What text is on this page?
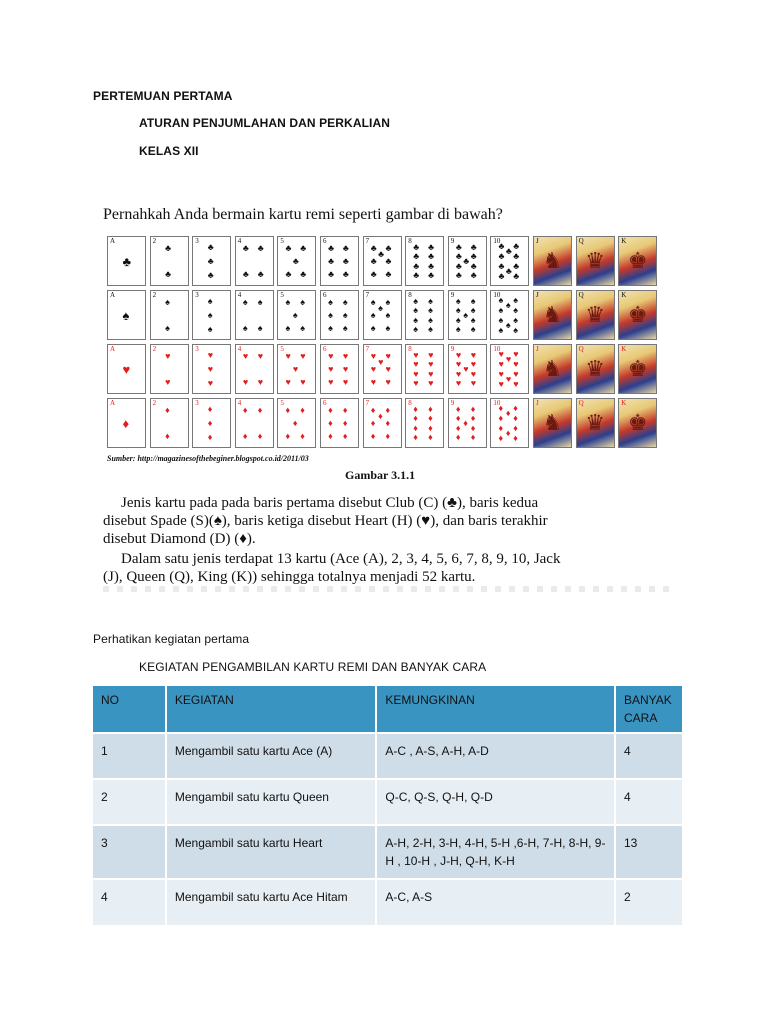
PERTEMUAN PERTAMA
ATURAN PENJUMLAHAN DAN PERKALIAN
KELAS XII
Pernahkah Anda bermain kartu remi seperti gambar di bawah?
♣
A
♣
♣
2
♣
♣
♣
3
♣ ♣
♣ ♣
4
♣ ♣
♣
♣ ♣
5
♣ ♣
♣ ♣
♣ ♣
6
♣ ♣
♣
♣ ♣
♣ ♣
7
♣ ♣
♣ ♣
♣ ♣
♣ ♣
8
♣ ♣
♣ ♣
♣
♣ ♣
♣ ♣
9	♣ ♣
♣
♣ ♣
♣ ♣
♣
♣ ♣
10
♞
J
♛
Q
♚
K
♠
A
♠
♠
2
♠
♠
♠
3
♠ ♠
♠ ♠
4
♠ ♠
♠
♠ ♠
5
♠ ♠
♠ ♠
♠ ♠
6
♠ ♠
♠
♠ ♠
♠ ♠
7
♠ ♠
♠ ♠
♠ ♠
♠ ♠
8
♠ ♠
♠ ♠
♠
♠ ♠
♠ ♠
9	♠ ♠
♠
♠ ♠
♠ ♠
♠
♠ ♠
10
♞
J
♛
Q
♚
K
♥
A
♥
♥
2
♥
♥
♥
3
♥ ♥
♥ ♥
4
♥ ♥
♥
♥ ♥
5
♥ ♥
♥ ♥
♥ ♥
6
♥ ♥
♥
♥ ♥
♥ ♥
7
♥ ♥
♥ ♥
♥ ♥
♥ ♥
8
♥ ♥
♥ ♥
♥
♥ ♥
♥ ♥
9	♥ ♥
♥
♥ ♥
♥ ♥
♥
♥ ♥
10
♞
J
♛
Q
♚
K
♦
A
♦
♦
2
♦
♦
♦
3
♦ ♦
♦ ♦
4
♦ ♦
♦
♦ ♦
5
♦ ♦
♦ ♦
♦ ♦
6
♦ ♦
♦
♦ ♦
♦ ♦
7
♦ ♦
♦ ♦
♦ ♦
♦ ♦
8
♦ ♦
♦ ♦
♦
♦ ♦
♦ ♦
9	♦ ♦
♦
♦ ♦
♦ ♦
♦
♦ ♦
10
♞
J
♛
Q
♚
K
Sumber: http://magazinesofthebeginer.blogspot.co.id/2011/03
Gambar 3.1.1
Jenis kartu pada pada baris pertama disebut Club (C) (♣), baris kedua
disebut Spade (S)(♠), baris ketiga disebut Heart (H) (♥), dan baris terakhir
disebut Diamond (D) (♦).
Dalam satu jenis terdapat 13 kartu (Ace (A), 2, 3, 4, 5, 6, 7, 8, 9, 10, Jack
(J), Queen (Q), King (K)) sehingga totalnya menjadi 52 kartu.
Perhatikan kegiatan pertama
KEGIATAN PENGAMBILAN KARTU REMI DAN BANYAK CARA
NO	KEGIATAN	KEMUNGKINAN	BANYAK CARA
1	Mengambil satu kartu Ace (A)	A-C , A-S, A-H, A-D	4
2	Mengambil satu kartu Queen	Q-C, Q-S, Q-H, Q-D	4
3	Mengambil satu kartu Heart	A-H, 2-H, 3-H, 4-H, 5-H ,6-H, 7-H, 8-H, 9-H , 10-H , J-H, Q-H, K-H	13
4	Mengambil satu kartu Ace Hitam	A-C, A-S	2
